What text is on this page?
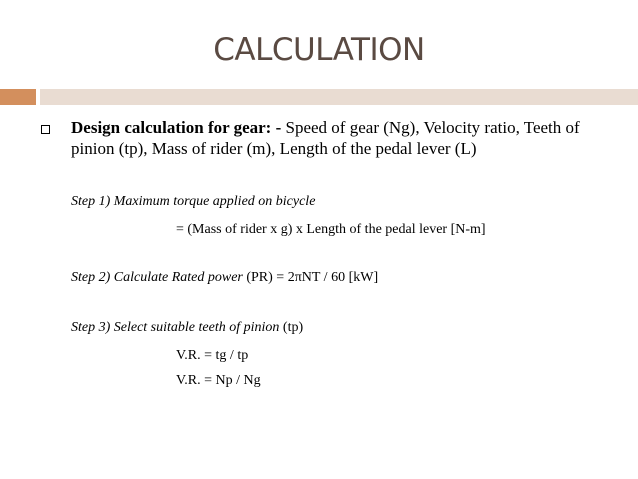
CALCULATION
Design calculation for gear: - Speed of gear (Ng), Velocity ratio, Teeth of pinion (tp), Mass of rider (m), Length of the pedal lever (L)
Step 1) Maximum torque applied on bicycle
= (Mass of rider x g) x Length of the pedal lever [N-m]
Step 2) Calculate Rated power (PR) = 2πNT / 60 [kW]
Step 3) Select suitable teeth of pinion (tp)
V.R. = tg / tp
V.R. = Np / Ng
